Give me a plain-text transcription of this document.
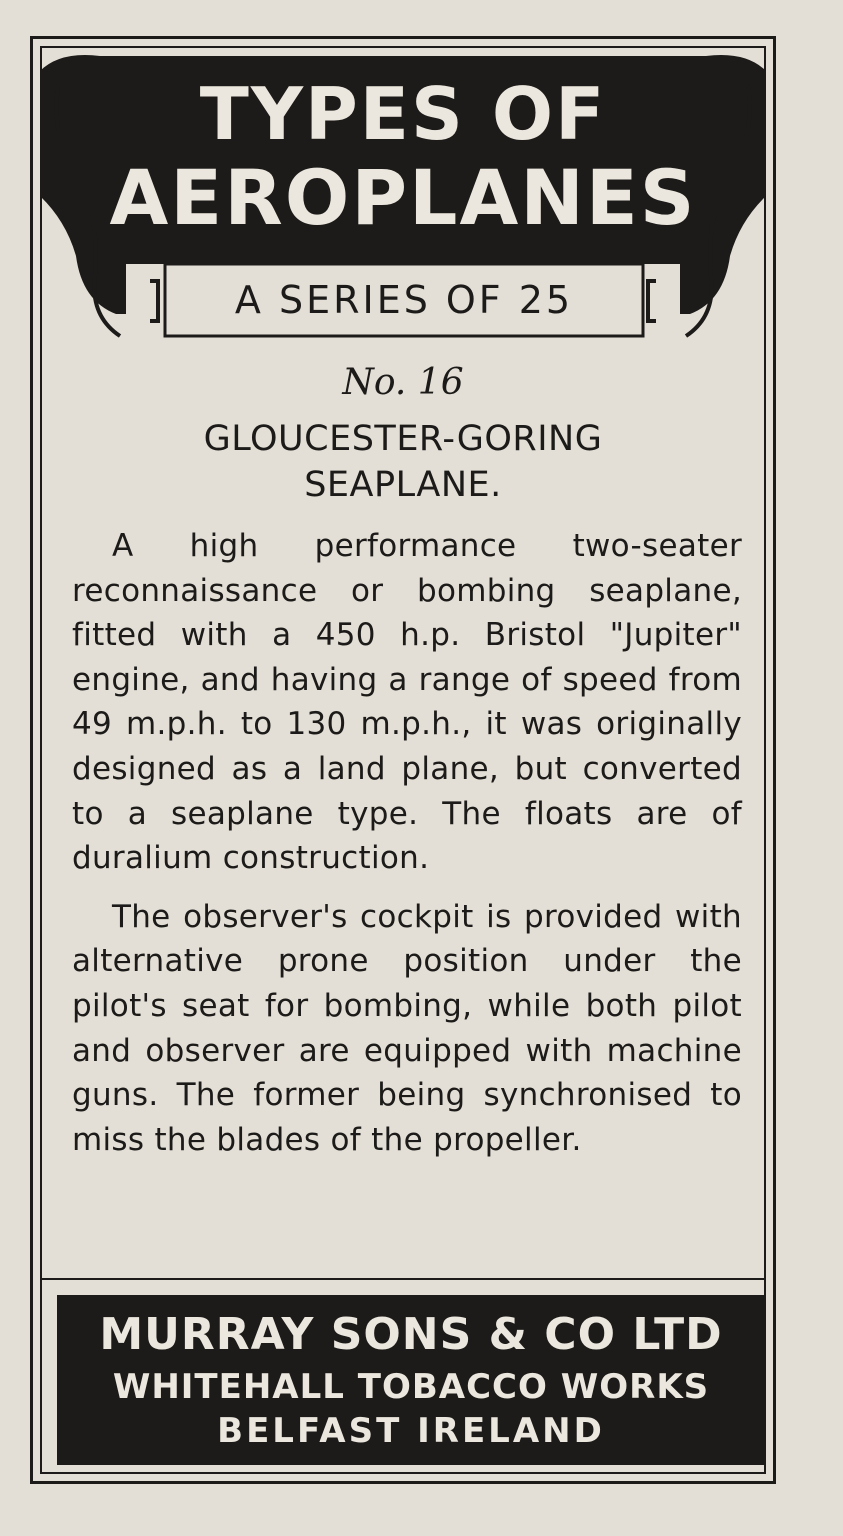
TYPES OF
AEROPLANES
A SERIES OF 25
No. 16
GLOUCESTER-GORING
SEAPLANE.

A high performance two-seater reconnaissance or bombing seaplane, fitted with a 450 h.p. Bristol "Jupiter" engine, and having a range of speed from 49 m.p.h. to 130 m.p.h., it was originally designed as a land plane, but converted to a seaplane type. The floats are of duralium construction.

The observer's cockpit is provided with alternative prone position under the pilot's seat for bombing, while both pilot and observer are equipped with machine guns. The former being synchronised to miss the blades of the propeller.

MURRAY SONS & CO LTD
WHITEHALL TOBACCO WORKS
BELFAST IRELAND
